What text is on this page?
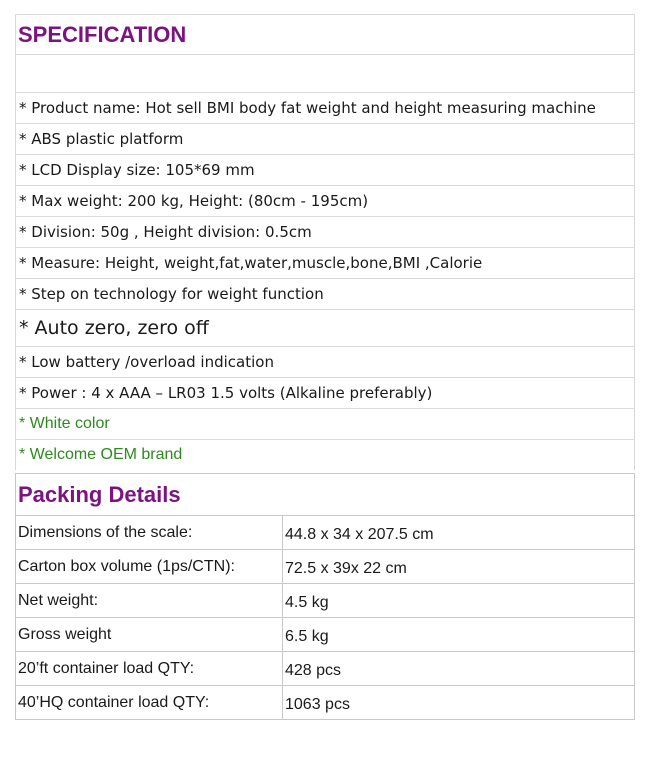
SPECIFICATION

* Product name: Hot sell BMI body fat weight and height measuring machine
* ABS plastic platform
* LCD Display size: 105*69 mm
* Max weight: 200 kg, Height: (80cm - 195cm)
* Division: 50g , Height division: 0.5cm
* Measure: Height, weight,fat,water,muscle,bone,BMI ,Calorie
* Step on technology for weight function
* Auto zero, zero off
* Low battery /overload indication
* Power : 4 x AAA – LR03 1.5 volts (Alkaline preferably)
* White color
* Welcome OEM brand
Packing Details	
Dimensions of the scale:	44.8 x 34 x 207.5 cm
Carton box volume (1ps/CTN):	72.5 x 39x 22 cm
Net weight:	4.5 kg
Gross weight	6.5 kg
20’ft container load QTY:	428 pcs
40’HQ container load QTY:	1063 pcs
